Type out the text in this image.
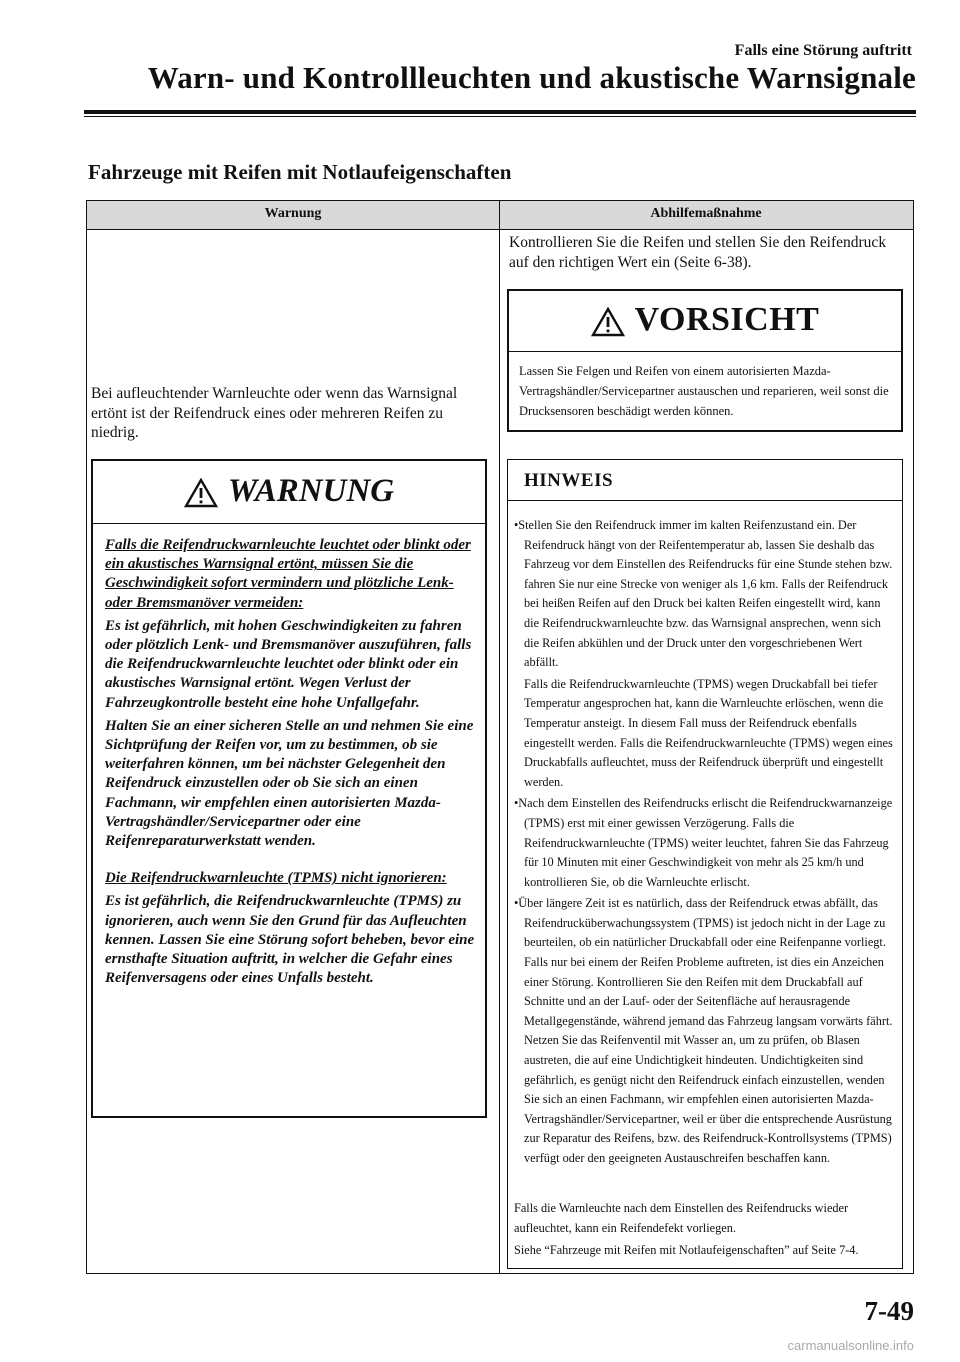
Falls eine Störung auftritt
Warn- und Kontrollleuchten und akustische Warnsignale
Fahrzeuge mit Reifen mit Notlaufeigenschaften
Warnung	Abhilfemaßnahme
Bei aufleuchtender Warnleuchte oder wenn das Warnsignal ertönt ist der Reifendruck eines oder mehreren Reifen zu niedrig.
Kontrollieren Sie die Reifen und stellen Sie den Reifendruck auf den richtigen Wert ein (Seite 6-38).
WARNUNG

Falls die Reifendruckwarnleuchte leuchtet oder blinkt oder ein akustisches Warnsignal ertönt, müssen Sie die Geschwindigkeit sofort vermindern und plötzliche Lenk- oder Bremsmanöver vermeiden:

Es ist gefährlich, mit hohen Geschwindigkeiten zu fahren oder plötzlich Lenk- und Bremsmanöver auszuführen, falls die Reifendruckwarnleuchte leuchtet oder blinkt oder ein akustisches Warnsignal ertönt. Wegen Verlust der Fahrzeugkontrolle besteht eine hohe Unfallgefahr.

Halten Sie an einer sicheren Stelle an und nehmen Sie eine Sichtprüfung der Reifen vor, um zu bestimmen, ob sie weiterfahren können, um bei nächster Gelegenheit den Reifendruck einzustellen oder ob Sie sich an einen Fachmann, wir empfehlen einen autorisierten Mazda-Vertragshändler/Servicepartner oder eine Reifenreparaturwerkstatt wenden.

Die Reifendruckwarnleuchte (TPMS) nicht ignorieren:

Es ist gefährlich, die Reifendruckwarnleuchte (TPMS) zu ignorieren, auch wenn Sie den Grund für das Aufleuchten kennen. Lassen Sie eine Störung sofort beheben, bevor eine ernsthafte Situation auftritt, in welcher die Gefahr eines Reifenversagens oder eines Unfalls besteht.

VORSICHT
Lassen Sie Felgen und Reifen von einem autorisierten Mazda-Vertragshändler/Servicepartner austauschen und reparieren, weil sonst die Drucksensoren beschädigt werden können.
HINWEIS

•Stellen Sie den Reifendruck immer im kalten Reifenzustand ein. Der Reifendruck hängt von der Reifentemperatur ab, lassen Sie deshalb das Fahrzeug vor dem Einstellen des Reifendrucks für eine Stunde stehen bzw. fahren Sie nur eine Strecke von weniger als 1,6 km. Falls der Reifendruck bei heißen Reifen auf den Druck bei kalten Reifen eingestellt wird, kann die Reifendruckwarnleuchte bzw. das Warnsignal ansprechen, wenn sich die Reifen abkühlen und der Druck unter den vorgeschriebenen Wert abfällt.

Falls die Reifendruckwarnleuchte (TPMS) wegen Druckabfall bei tiefer Temperatur angesprochen hat, kann die Warnleuchte erlöschen, wenn die Temperatur ansteigt. In diesem Fall muss der Reifendruck ebenfalls eingestellt werden. Falls die Reifendruckwarnleuchte (TPMS) wegen eines Druckabfalls aufleuchtet, muss der Reifendruck überprüft und eingestellt werden.

•Nach dem Einstellen des Reifendrucks erlischt die Reifendruckwarnanzeige (TPMS) erst mit einer gewissen Verzögerung. Falls die Reifendruckwarnleuchte (TPMS) weiter leuchtet, fahren Sie das Fahrzeug für 10 Minuten mit einer Geschwindigkeit von mehr als 25 km/h und kontrollieren Sie, ob die Warnleuchte erlischt.

•Über längere Zeit ist es natürlich, dass der Reifendruck etwas abfällt, das Reifendrucküberwachungssystem (TPMS) ist jedoch nicht in der Lage zu beurteilen, ob ein natürlicher Druckabfall oder eine Reifenpanne vorliegt. Falls nur bei einem der Reifen Probleme auftreten, ist dies ein Anzeichen einer Störung. Kontrollieren Sie den Reifen mit dem Druckabfall auf Schnitte und an der Lauf- oder der Seitenfläche auf herausragende Metallgegenstände, während jemand das Fahrzeug langsam vorwärts fährt. Netzen Sie das Reifenventil mit Wasser an, um zu prüfen, ob Blasen austreten, die auf eine Undichtigkeit hindeuten. Undichtigkeiten sind gefährlich, es genügt nicht den Reifendruck einfach einzustellen, wenden Sie sich an einen Fachmann, wir empfehlen einen autorisierten Mazda-Vertragshändler/Servicepartner, weil er über die entsprechende Ausrüstung zur Reparatur des Reifens, bzw. des Reifendruck-Kontrollsystems (TPMS) verfügt oder den geeigneten Austauschreifen beschaffen kann.

Falls die Warnleuchte nach dem Einstellen des Reifendrucks wieder aufleuchtet, kann ein Reifendefekt vorliegen.

Siehe “Fahrzeuge mit Reifen mit Notlaufeigenschaften” auf Seite 7-4.

7-49
carmanualsonline.info
